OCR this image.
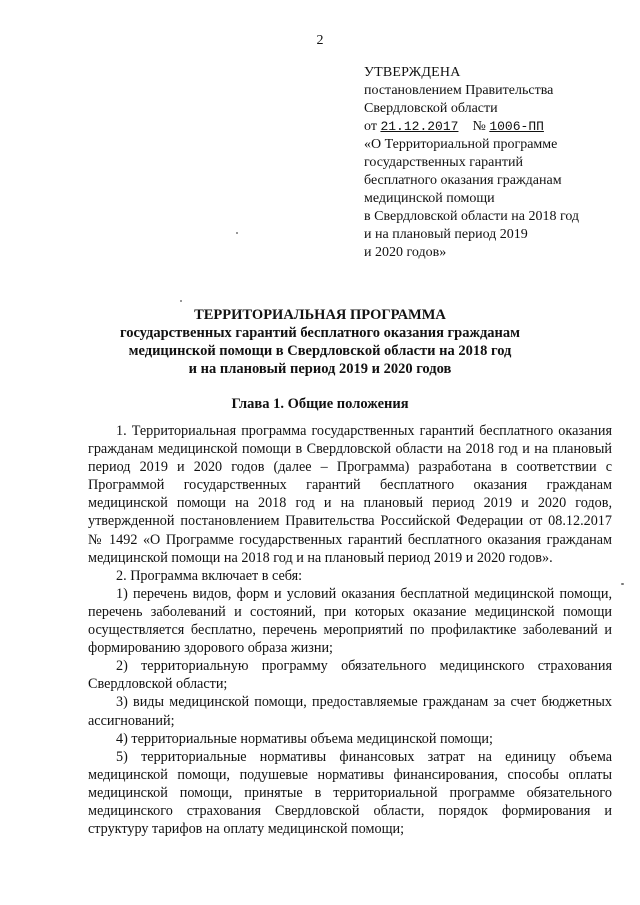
2
УТВЕРЖДЕНА
постановлением Правительства
Свердловской области
от 21.12.2017 № 1006-ПП
«О Территориальной программе
государственных гарантий
бесплатного оказания гражданам
медицинской помощи
в Свердловской области на 2018 год
и на плановый период 2019
и 2020 годов»
ТЕРРИТОРИАЛЬНАЯ ПРОГРАММА
государственных гарантий бесплатного оказания гражданам
медицинской помощи в Свердловской области на 2018 год
и на плановый период 2019 и 2020 годов
Глава 1. Общие положения

1. Территориальная программа государственных гарантий бесплатного оказания гражданам медицинской помощи в Свердловской области на 2018 год и на плановый период 2019 и 2020 годов (далее – Программа) разработана в соответствии с Программой государственных гарантий бесплатного оказания гражданам медицинской помощи на 2018 год и на плановый период 2019 и 2020 годов, утвержденной постановлением Правительства Российской Федерации от 08.12.2017 № 1492 «О Программе государственных гарантий бесплатного оказания гражданам медицинской помощи на 2018 год и на плановый период 2019 и 2020 годов».

2. Программа включает в себя:

1) перечень видов, форм и условий оказания бесплатной медицинской помощи, перечень заболеваний и состояний, при которых оказание медицинской помощи осуществляется бесплатно, перечень мероприятий по профилактике заболеваний и формированию здорового образа жизни;

2) территориальную программу обязательного медицинского страхования Свердловской области;

3) виды медицинской помощи, предоставляемые гражданам за счет бюджетных ассигнований;

4) территориальные нормативы объема медицинской помощи;

5) территориальные нормативы финансовых затрат на единицу объема медицинской помощи, подушевые нормативы финансирования, способы оплаты медицинской помощи, принятые в территориальной программе обязательного медицинского страхования Свердловской области, порядок формирования и структуру тарифов на оплату медицинской помощи;
